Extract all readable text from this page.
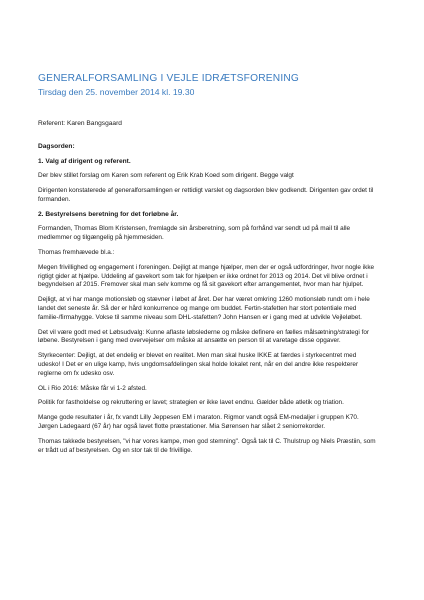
GENERALFORSAMLING I VEJLE IDRÆTSFORENING
Tirsdag den 25. november 2014 kl. 19.30
Referent: Karen Bangsgaard
Dagsorden:
1. Valg af dirigent og referent.
Der blev stillet forslag om Karen som referent og Erik Krab Koed som dirigent. Begge valgt
Dirigenten konstaterede af generalforsamlingen er rettidigt varslet og dagsorden blev godkendt. Dirigenten gav ordet til formanden.
2. Bestyrelsens beretning for det forløbne år.
Formanden, Thomas Blom Kristensen, fremlagde sin årsberetning, som på forhånd var sendt ud på mail til alle medlemmer og tilgængelig på hjemmesiden.
Thomas fremhævede bl.a.:
Megen frivillighed og engagement i foreningen. Dejligt at mange hjælper, men der er også udfordringer, hvor nogle ikke rigtigt gider at hjælpe. Uddeling af gavekort som tak for hjælpen er ikke ordnet for 2013 og 2014. Det vil blive ordnet i begyndelsen af 2015. Fremover skal man selv komme og få sit gavekort efter arrangementet, hvor man har hjulpet.
Dejligt, at vi har mange motionsløb og stævner i løbet af året. Der har været omkring 1260 motionsløb rundt om i hele landet det seneste år. Så der er hård konkurrence og mange om buddet. Fertin-stafetten har stort potentiale med familie-/firmahygge. Vokse til samme niveau som DHL-stafetten? John Hansen er i gang med at udvikle Vejleløbet.
Det vil være godt med et Løbsudvalg: Kunne aflaste løbslederne og måske definere en fælles målsætning/strategi for løbene. Bestyrelsen i gang med overvejelser om måske at ansætte en person til at varetage disse opgaver.
Styrkecenter: Dejligt, at det endelig er blevet en realitet. Men man skal huske IKKE at færdes i styrkecentret med udesko! I Det er en ulige kamp, hvis ungdomsafdelingen skal holde lokalet rent, når en del andre ikke respekterer reglerne om fx udesko osv.
OL i Rio 2016: Måske får vi 1-2 afsted.
Politik for fastholdelse og rekruttering er lavet; strategien er ikke lavet endnu. Gælder både atletik og triation.
Mange gode resultater i år, fx vandt Lilly Jeppesen EM i maraton. Rigmor vandt også EM-medaljer i gruppen K70. Jørgen Ladegaard (67 år) har også lavet flotte præstationer. Mia Sørensen har slået 2 seniorrekorder.
Thomas takkede bestyrelsen, "vi har vores kampe, men god stemning". Også tak til C. Thulstrup og Niels Præstiin, som er trådt ud af bestyrelsen. Og en stor tak til de frivillige.
